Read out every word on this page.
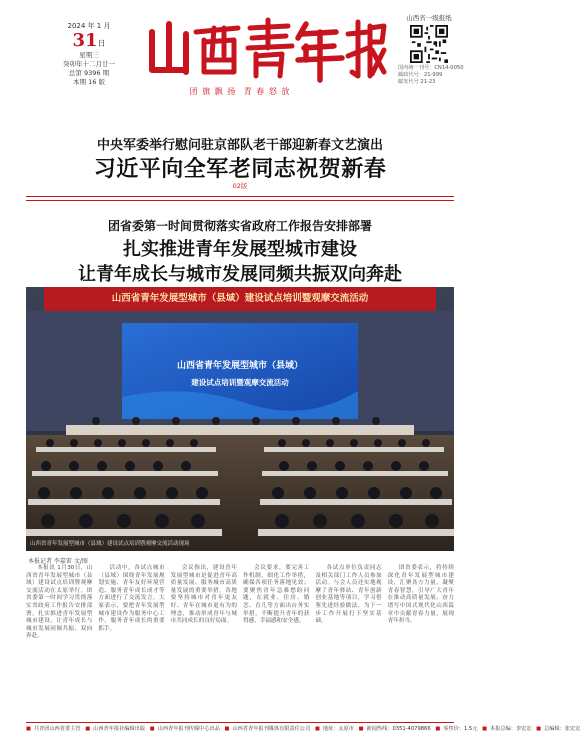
2024 年 1 月
31日
星期三
癸卯年十二月廿一
总第 9396 期
本期 16 版
团 旗 飘 扬 青 春 怒 放
山西省一级报纸
国内统一刊号：CN14-0050
邮政代号：21-999
邮发代号 21-23
中央军委举行慰问驻京部队老干部迎新春文艺演出
习近平向全军老同志祝贺新春
02版
团省委第一时间贯彻落实省政府工作报告安排部署
扎实推进青年发展型城市建设
让青年成长与城市发展同频共振双向奔赴
山西省青年发展型城市（县域）建设试点培训暨观摩交流活动
山西省青年发展型城市（县域）
建设试点培训暨观摩交流活动
山西省青年发展型城市（县域）建设试点培训暨观摩交流活动现场
本报记者 李嘉雷 文/图

本报讯 1月30日，山西省青年发展型城市（县域）建设试点培训暨观摩交流活动在太原举行。团省委第一时间学习贯彻落实省政府工作报告安排部署，扎实推进青年发展型城市建设，让青年成长与城市发展同频共振、双向奔赴。

活动中，各试点城市（县域）围绕青年发展规划实施、青年友好环境营造、服务青年成长成才等方面进行了交流发言。大家表示，要把青年发展型城市建设作为服务中心工作、服务青年成长的重要抓手。

会议指出，建设青年发展型城市是促进青年高质量发展、服务城市高质量发展的重要举措。各地要坚持城市对青年更友好、青年在城市更有为的理念，推动形成青年与城市共同成长的良好局面。

会议要求，要完善工作机制，细化工作举措，确保各项任务落地见效；要聚焦青年急难愁盼问题，在就业、住房、婚恋、育儿等方面出台务实举措，不断提升青年的获得感、幸福感和安全感。

各试点单位负责同志及相关部门工作人员参加活动。与会人员还实地观摩了青年驿站、青年创新创业基地等项目，学习借鉴先进经验做法，为下一步工作开展打下坚实基础。

团省委表示，将持续深化青年发展型城市建设，汇聚各方力量，凝聚青春智慧，引导广大青年在推动高质量发展、奋力谱写中国式现代化山西篇章中贡献青春力量，展现青年担当。

■ 共青团山西省委主管 ■ 山西青年报社编辑出版 ■ 山西青年报刊传媒中心出品 ■ 山西省青年报刊媒体有限责任公司 ■ 地址：太原市 ■ 新闻热线：0351-4079866 ■ 零售价：1.5元 ■ 本报总编：李宏宏 ■ 总编辑：张宏宏
